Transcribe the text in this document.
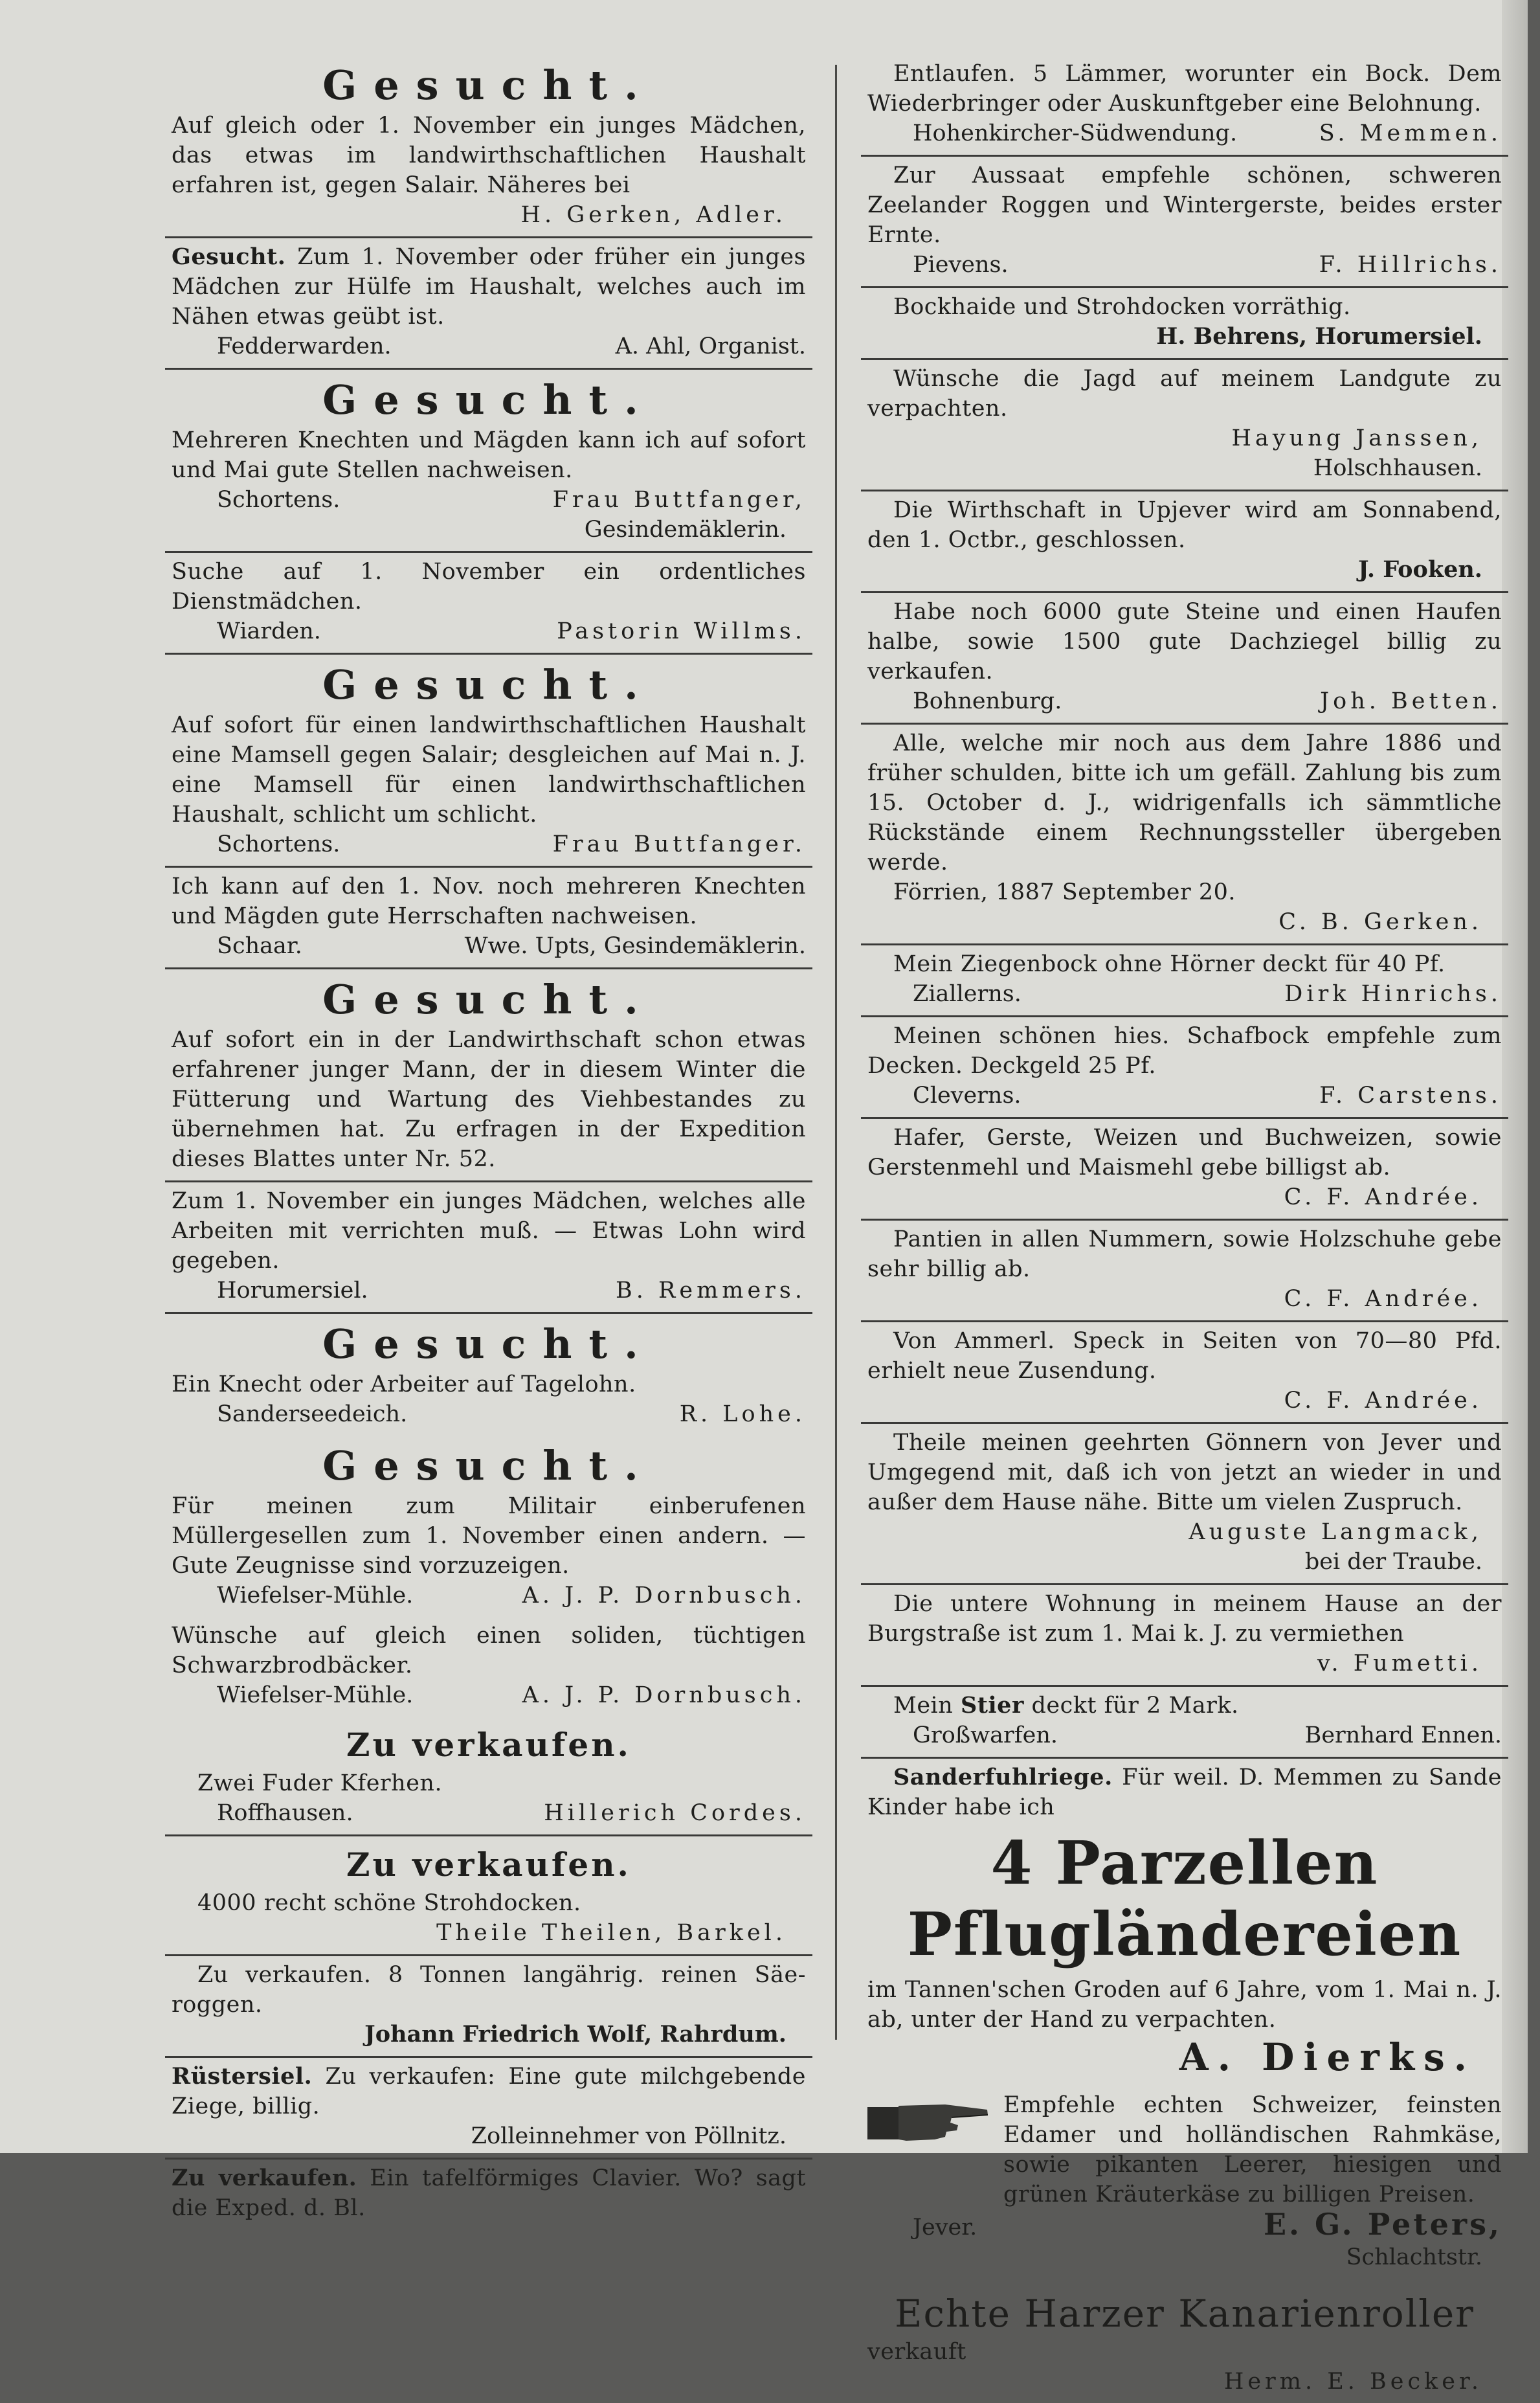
Gesucht.
Auf gleich oder 1. November ein junges Mädchen, das etwas im landwirthschaftlichen Haushalt erfahren ist, gegen Salair. Näheres bei
H. Gerken, Adler.
Gesucht. Zum 1. November oder früher ein junges Mädchen zur Hülfe im Haushalt, welches auch im Nähen etwas geübt ist.
Fedderwarden.	A. Ahl, Organist.
Gesucht.
Mehreren Knechten und Mägden kann ich auf sofort und Mai gute Stellen nachweisen.
Schortens.	Frau Buttfanger,
Gesindemäklerin.
Suche auf 1. November ein ordentliches Dienstmädchen.
Wiarden.	Pastorin Willms.
Gesucht.
Auf sofort für einen landwirthschaftlichen Haushalt eine Mamsell gegen Salair; desgleichen auf Mai n. J. eine Mamsell für einen landwirthschaftlichen Haushalt, schlicht um schlicht.
Schortens.	Frau Buttfanger.
Ich kann auf den 1. Nov. noch mehreren Knechten und Mägden gute Herrschaften nachweisen.
Schaar.	Wwe. Upts, Gesindemäklerin.
Gesucht.
Auf sofort ein in der Landwirthschaft schon etwas erfahrener junger Mann, der in diesem Winter die Fütterung und Wartung des Viehbestandes zu übernehmen hat. Zu erfragen in der Expedition dieses Blattes unter Nr. 52.
Zum 1. November ein junges Mädchen, welches alle Arbeiten mit verrichten muß. — Etwas Lohn wird gegeben.
Horumersiel.	B. Remmers.
Gesucht.
Ein Knecht oder Arbeiter auf Tagelohn.
Sanderseedeich.	R. Lohe.
Gesucht.
Für meinen zum Militair einberufenen Müllergesellen zum 1. November einen andern. — Gute Zeugnisse sind vorzuzeigen.
Wiefelser-Mühle.	A. J. P. Dornbusch.
Wünsche auf gleich einen soliden, tüchtigen Schwarzbrodbäcker.
Wiefelser-Mühle.	A. J. P. Dornbusch.
Zu verkaufen.
Zwei Fuder Kferhen.
Roffhausen.	Hillerich Cordes.
Zu verkaufen.
4000 recht schöne Strohdocken.
Theile Theilen, Barkel.
Zu verkaufen. 8 Tonnen langährig. reinen Säe-roggen.
Johann Friedrich Wolf, Rahrdum.
Rüstersiel. Zu verkaufen: Eine gute milchgebende Ziege, billig.
Zolleinnehmer von Pöllnitz.
Zu verkaufen. Ein tafelförmiges Clavier. Wo? sagt die Exped. d. Bl.
Entlaufen. 5 Lämmer, worunter ein Bock. Dem Wiederbringer oder Auskunftgeber eine Belohnung.
Hohenkircher-Südwendung.	S. Memmen.
Zur Aussaat empfehle schönen, schweren Zeelander Roggen und Wintergerste, beides erster Ernte.
Pievens.	F. Hillrichs.
Bockhaide und Strohdocken vorräthig.
H. Behrens, Horumersiel.
Wünsche die Jagd auf meinem Landgute zu verpachten.
Hayung Janssen,
Holschhausen.
Die Wirthschaft in Upjever wird am Sonnabend, den 1. Octbr., geschlossen.
J. Fooken.
Habe noch 6000 gute Steine und einen Haufen halbe, sowie 1500 gute Dachziegel billig zu verkaufen.
Bohnenburg.	Joh. Betten.
Alle, welche mir noch aus dem Jahre 1886 und früher schulden, bitte ich um gefäll. Zahlung bis zum 15. October d. J., widrigenfalls ich sämmtliche Rückstände einem Rechnungssteller übergeben werde.
Förrien, 1887 September 20.
C. B. Gerken.
Mein Ziegenbock ohne Hörner deckt für 40 Pf.
Ziallerns.	Dirk Hinrichs.
Meinen schönen hies. Schafbock empfehle zum Decken. Deckgeld 25 Pf.
Cleverns.	F. Carstens.
Hafer, Gerste, Weizen und Buchweizen, sowie Gerstenmehl und Maismehl gebe billigst ab.
C. F. Andrée.
Pantien in allen Nummern, sowie Holzschuhe gebe sehr billig ab.
C. F. Andrée.
Von Ammerl. Speck in Seiten von 70—80 Pfd. erhielt neue Zusendung.
C. F. Andrée.
Theile meinen geehrten Gönnern von Jever und Umgegend mit, daß ich von jetzt an wieder in und außer dem Hause nähe. Bitte um vielen Zuspruch.
Auguste Langmack,
bei der Traube.
Die untere Wohnung in meinem Hause an der Burgstraße ist zum 1. Mai k. J. zu vermiethen
v. Fumetti.
Mein Stier deckt für 2 Mark.
Großwarfen.	Bernhard Ennen.
Sanderfuhlriege. Für weil. D. Memmen zu Sande Kinder habe ich
4 Parzellen Pflugländereien
im Tannen'schen Groden auf 6 Jahre, vom 1. Mai n. J. ab, unter der Hand zu verpachten.
A. Dierks.
Empfehle echten Schweizer, feinsten Edamer und holländischen Rahmkäse, sowie pikanten Leerer, hiesigen und grünen Kräuterkäse zu billigen Preisen.
Jever.	E. G. Peters,
Schlachtstr.
Echte Harzer Kanarienroller
verkauft
Herm. E. Becker.
